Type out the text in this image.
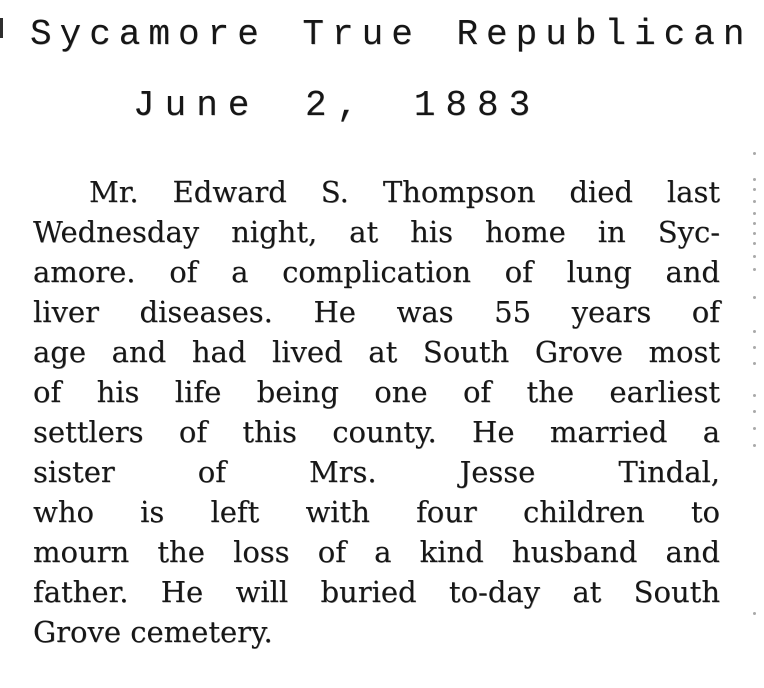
Sycamore True Republican
June 2, 1883

Mr. Edward S. Thompson died last

Wednesday night, at his home in Syc-

amore. of a complication of lung and

liver diseases. He was 55 years of

age and had lived at South Grove most

of his life being one of the earliest

settlers of this county. He married a

sister of Mrs. Jesse Tindal,

who is left with four children to

mourn the loss of a kind husband and

father. He will buried to-day at South

Grove cemetery.
